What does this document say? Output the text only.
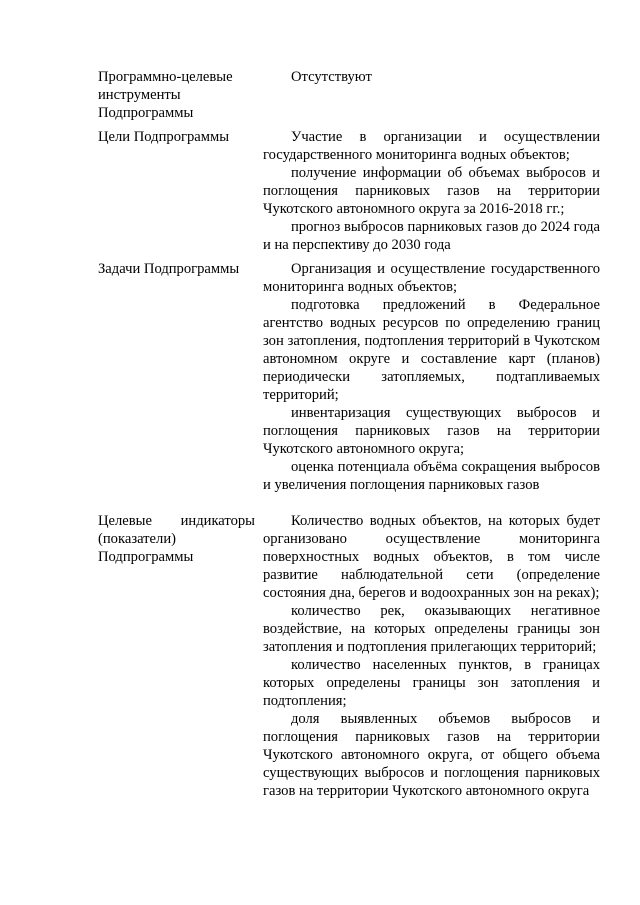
Программно-целевые инструменты Подпрограммы

Отсутствуют

Цели Подпрограммы	Участие в организации и осуществлении государственного мониторинга водных объектов;

получение информации об объемах выбросов и поглощения парниковых газов на территории Чукотского автономного округа за 2016-2018 гг.;

прогноз выбросов парниковых газов до 2024 года и на перспективу до 2030 года

Задачи Подпрограммы	Организация и осуществление государственного мониторинга водных объектов;

подготовка предложений в Федеральное агентство водных ресурсов по определению границ зон затопления, подтопления территорий в Чукотском автономном округе и составление карт (планов) периодически затопляемых, подтапливаемых территорий;

инвентаризация существующих выбросов и поглощения парниковых газов на территории Чукотского автономного округа;

оценка потенциала объёма сокращения выбросов и увеличения поглощения парниковых газов

Целевые индикаторы (показатели) Подпрограммы

Количество водных объектов, на которых будет организовано осуществление мониторинга поверхностных водных объектов, в том числе развитие наблюдательной сети (определение состояния дна, берегов и водоохранных зон на реках);

количество рек, оказывающих негативное воздействие, на которых определены границы зон затопления и подтопления прилегающих территорий;

количество населенных пунктов, в границах которых определены границы зон затопления и подтопления;

доля выявленных объемов выбросов и поглощения парниковых газов на территории Чукотского автономного округа, от общего объема существующих выбросов и поглощения парниковых газов на территории Чукотского автономного округа
